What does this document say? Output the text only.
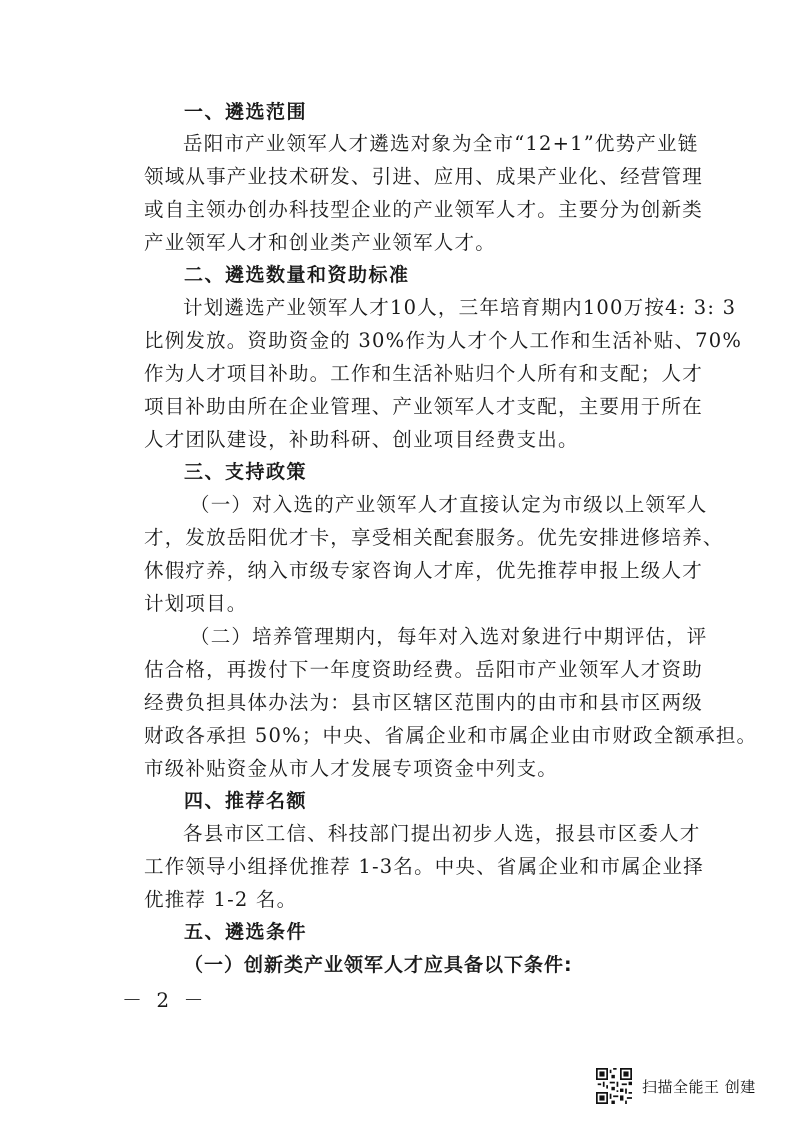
一、遴选范围
岳阳市产业领军人才遴选对象为全市“12+1”优势产业链
领域从事产业技术研发、引进、应用、成果产业化、经营管理
或自主领办创办科技型企业的产业领军人才。主要分为创新类
产业领军人才和创业类产业领军人才。
二、遴选数量和资助标准
计划遴选产业领军人才10人，三年培育期内100万按4: 3: 3
比例发放。资助资金的 30%作为人才个人工作和生活补贴、70%
作为人才项目补助。工作和生活补贴归个人所有和支配；人才
项目补助由所在企业管理、产业领军人才支配，主要用于所在
人才团队建设，补助科研、创业项目经费支出。
三、支持政策
（一）对入选的产业领军人才直接认定为市级以上领军人
才，发放岳阳优才卡，享受相关配套服务。优先安排进修培养、
休假疗养，纳入市级专家咨询人才库，优先推荐申报上级人才
计划项目。
（二）培养管理期内，每年对入选对象进行中期评估，评
估合格，再拨付下一年度资助经费。岳阳市产业领军人才资助
经费负担具体办法为：县市区辖区范围内的由市和县市区两级
财政各承担 50%；中央、省属企业和市属企业由市财政全额承担。
市级补贴资金从市人才发展专项资金中列支。
四、推荐名额
各县市区工信、科技部门提出初步人选，报县市区委人才
工作领导小组择优推荐 1-3名。中央、省属企业和市属企业择
优推荐 1-2 名。
五、遴选条件
（一）创新类产业领军人才应具备以下条件:
－ 2 －
扫描全能王 创建
